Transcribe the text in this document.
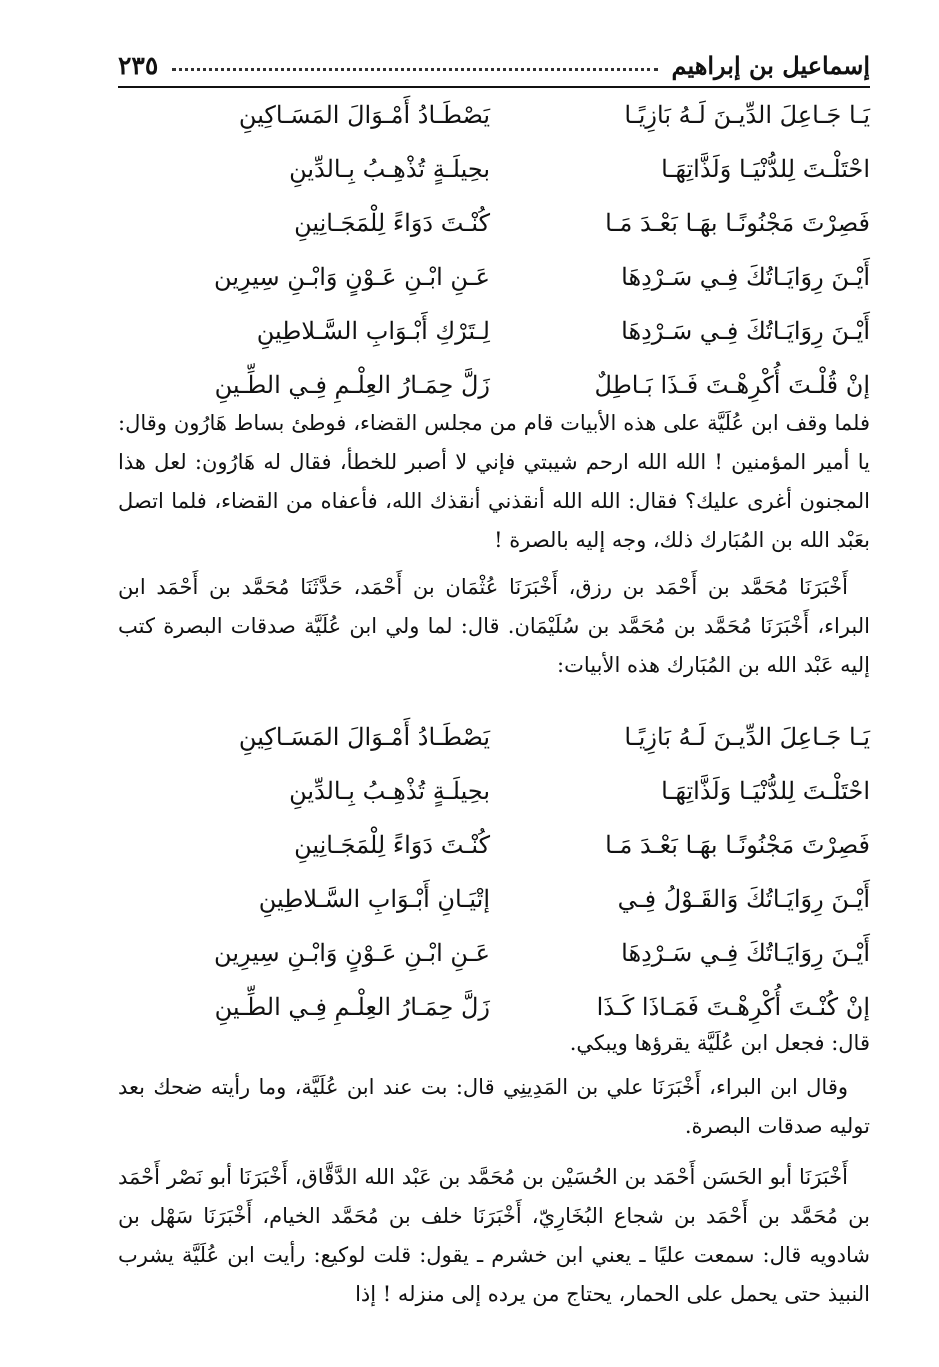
إسماعيل بن إبراهيم
٢٣٥
يَـا جَـاعِلَ الدِّيـنَ لَـهُ بَازِيًـا
يَصْطَـادُ أَمْـوَالَ المَسَـاكِينِ
احْتَلْـتَ لِلدُّنْيَـا وَلَذَّاتِهَـا
بحِيلَـةٍ تُذْهِـبُ بِـالدِّينِ
فَصِرْتَ مَجْنُونًـا بهَـا بَعْـدَ مَـا
كُنْـتَ دَوَاءً لِلْمَجَـانِينِ
أَيْـنَ رِوَايَـاتُكَ فِـي سَـرْدِهَا
عَـنِ ابْـنِ عَـوْنٍ وَابْـنِ سِيرِين
أَيْـنَ رِوَايَـاتُكَ فِـي سَـرْدِهَا
لِـتَرْكِ أَبْـوَابِ السَّـلاطِينِ
إنْ قُلْـتَ أُكْرِهْـتَ فَـذَا بَـاطِلٌ
زَلَّ حِمَـارُ العِلْـمِ فِـي الطِّـينِ

فلما وقف ابن عُلَيَّة على هذه الأبيات قام من مجلس القضاء، فوطئ بساط هَارُون وقال: يا أمير المؤمنين ! الله الله ارحم شيبتي فإني لا أصبر للخطأ، فقال له هَارُون: لعل هذا المجنون أغرى عليك؟ فقال: الله الله أنقذني أنقذك الله، فأعفاه من القضاء، فلما اتصل بعَبْد الله بن المُبَارك ذلك، وجه إليه بالصرة !

أَخْبَرَنَا مُحَمَّد بن أَحْمَد بن رزق، أَخْبَرَنَا عُثْمَان بن أَحْمَد، حَدَّثَنَا مُحَمَّد بن أَحْمَد ابن البراء، أَخْبَرَنَا مُحَمَّد بن مُحَمَّد بن سُلَيْمَان. قال: لما ولي ابن عُلَيَّة صدقات البصرة كتب إليه عَبْد الله بن المُبَارك هذه الأبيات:

يَـا جَـاعِلَ الدِّيـنَ لَـهُ بَازِيًـا
يَصْطَـادُ أَمْـوَالَ المَسَـاكِينِ
احْتَلْـتَ لِلدُّنْيَـا وَلَذَّاتِهَـا
بحِيلَـةٍ تُذْهِـبُ بِـالدِّينِ
فَصِرْتَ مَجْنُونًـا بهَـا بَعْـدَ مَـا
كُنْـتَ دَوَاءً لِلْمَجَـانِينِ
أَيْـنَ رِوَايَـاتُكَ وَالقَـوْلُ فِـي
إتْيَـانِ أَبْـوَابِ السَّـلاطِينِ
أَيْـنَ رِوَايَـاتُكَ فِـي سَـرْدِهَا
عَـنِ ابْـنِ عَـوْنٍ وَابْـنِ سِيرِين
إنْ كُنْـتَ أُكْرِهْـتَ فَمَـاذَا كَـذَا
زَلَّ حِمَـارُ العِلْـمِ فِـي الطِّـينِ

قال: فجعل ابن عُلَيَّة يقرؤها ويبكي.

وقال ابن البراء، أَخْبَرَنَا علي بن المَدِينِي قال: بت عند ابن عُلَيَّة، وما رأيته ضحك بعد توليه صدقات البصرة.

أَخْبَرَنَا أبو الحَسَن أَحْمَد بن الحُسَيْن بن مُحَمَّد بن عَبْد الله الدَّقَّاق، أَخْبَرَنَا أبو نَصْر أَحْمَد بن مُحَمَّد بن أَحْمَد بن شجاع البُخَارِيّ، أَخْبَرَنَا خلف بن مُحَمَّد الخيام، أَخْبَرَنَا سَهْل بن شادويه قال: سمعت عليًا ـ يعني ابن خشرم ـ يقول: قلت لوكيع: رأيت ابن عُلَيَّة يشرب النبيذ حتى يحمل على الحمار، يحتاج من يرده إلى منزله ! إذا
